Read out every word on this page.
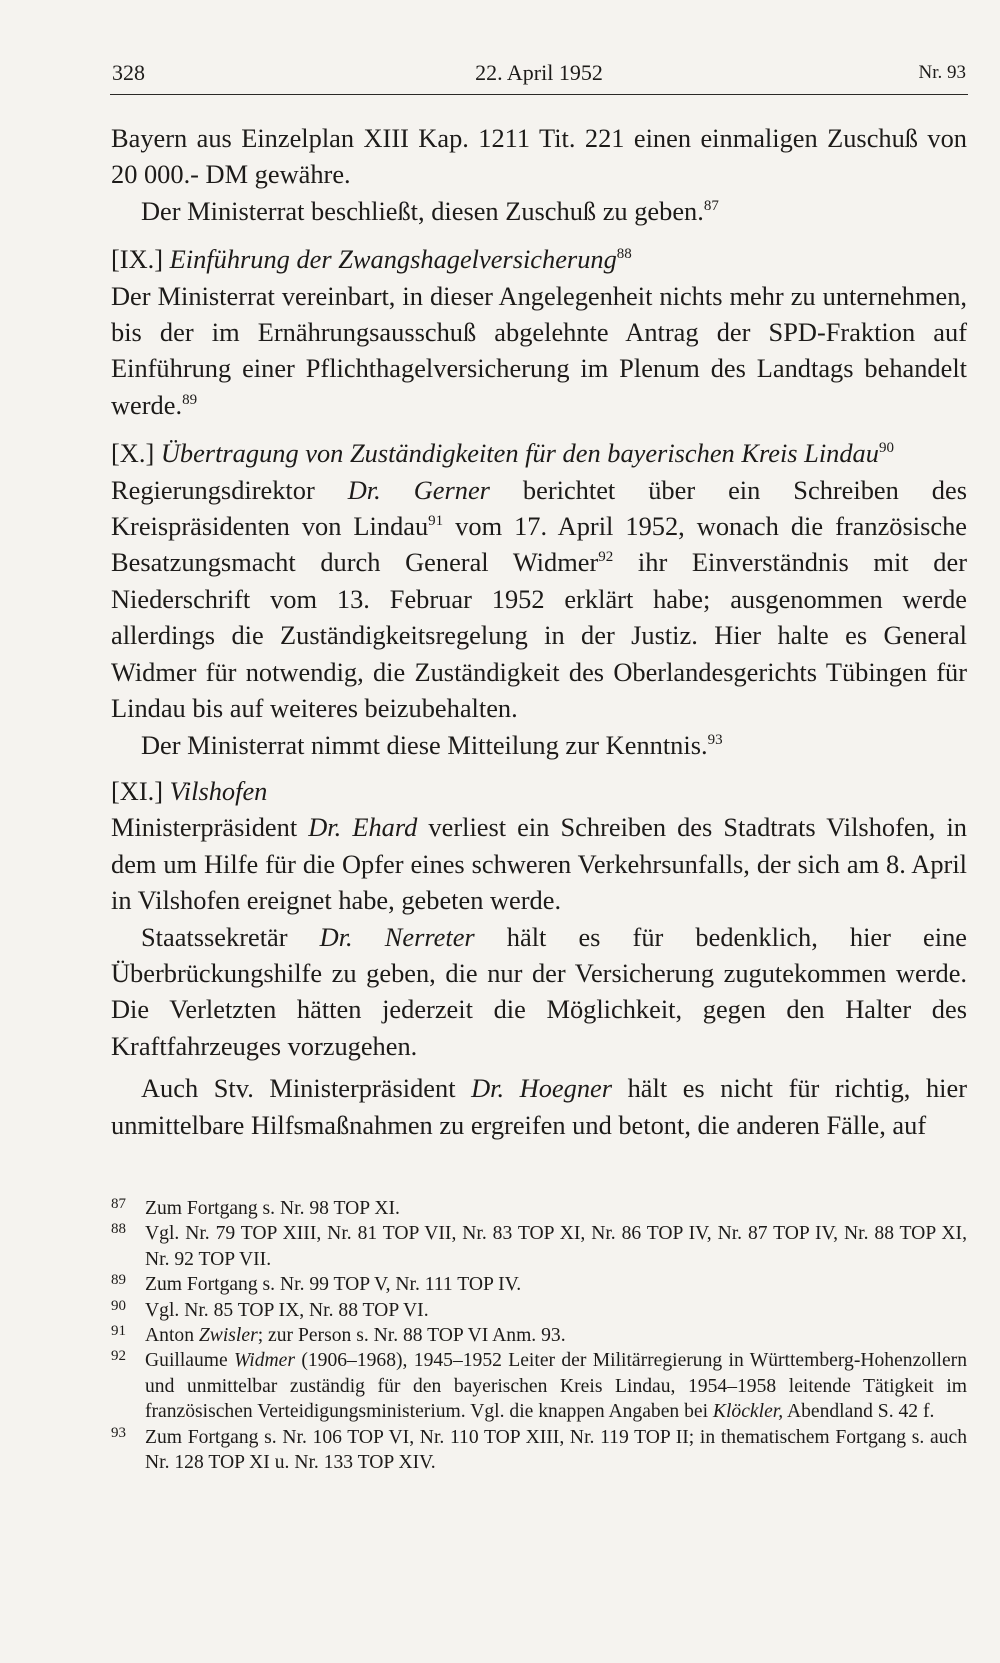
328	22. April 1952	Nr. 93

Bayern aus Einzelplan XIII Kap. 1211 Tit. 221 einen einmaligen Zuschuß von 20 000.- DM gewähre.

Der Ministerrat beschließt, diesen Zuschuß zu geben.$^{87}$

[IX.] Einführung der Zwangshagelversicherung$^{88}$

Der Ministerrat vereinbart, in dieser Angelegenheit nichts mehr zu unternehmen, bis der im Ernährungsausschuß abgelehnte Antrag der SPD-Fraktion auf Einführung einer Pflichthagelversicherung im Plenum des Landtags behandelt werde.$^{89}$

[X.] Übertragung von Zuständigkeiten für den bayerischen Kreis Lindau$^{90}$

Regierungsdirektor Dr. Gerner berichtet über ein Schreiben des Kreispräsidenten von Lindau$^{91}$ vom 17. April 1952, wonach die französische Besatzungsmacht durch General Widmer$^{92}$ ihr Einverständnis mit der Niederschrift vom 13. Februar 1952 erklärt habe; ausgenommen werde allerdings die Zuständigkeitsregelung in der Justiz. Hier halte es General Widmer für notwendig, die Zuständigkeit des Oberlandesgerichts Tübingen für Lindau bis auf weiteres beizubehalten.

Der Ministerrat nimmt diese Mitteilung zur Kenntnis.$^{93}$

[XI.] Vilshofen

Ministerpräsident Dr. Ehard verliest ein Schreiben des Stadtrats Vilshofen, in dem um Hilfe für die Opfer eines schweren Verkehrsunfalls, der sich am 8. April in Vilshofen ereignet habe, gebeten werde.

Staatssekretär Dr. Nerreter hält es für bedenklich, hier eine Überbrückungshilfe zu geben, die nur der Versicherung zugutekommen werde. Die Verletzten hätten jederzeit die Möglichkeit, gegen den Halter des Kraftfahrzeuges vorzugehen.

Auch Stv. Ministerpräsident Dr. Hoegner hält es nicht für richtig, hier unmittelbare Hilfsmaßnahmen zu ergreifen und betont, die anderen Fälle, auf

87 Zum Fortgang s. Nr. 98 TOP XI.
88 Vgl. Nr. 79 TOP XIII, Nr. 81 TOP VII, Nr. 83 TOP XI, Nr. 86 TOP IV, Nr. 87 TOP IV, Nr. 88 TOP XI, Nr. 92 TOP VII.
89 Zum Fortgang s. Nr. 99 TOP V, Nr. 111 TOP IV.
90 Vgl. Nr. 85 TOP IX, Nr. 88 TOP VI.
91 Anton Zwisler; zur Person s. Nr. 88 TOP VI Anm. 93.
92 Guillaume Widmer (1906–1968), 1945–1952 Leiter der Militärregierung in Württemberg-Hohenzollern und unmittelbar zuständig für den bayerischen Kreis Lindau, 1954–1958 leitende Tätigkeit im französischen Verteidigungsministerium. Vgl. die knappen Angaben bei Klöckler, Abendland S. 42 f.
93 Zum Fortgang s. Nr. 106 TOP VI, Nr. 110 TOP XIII, Nr. 119 TOP II; in thematischem Fortgang s. auch Nr. 128 TOP XI u. Nr. 133 TOP XIV.
